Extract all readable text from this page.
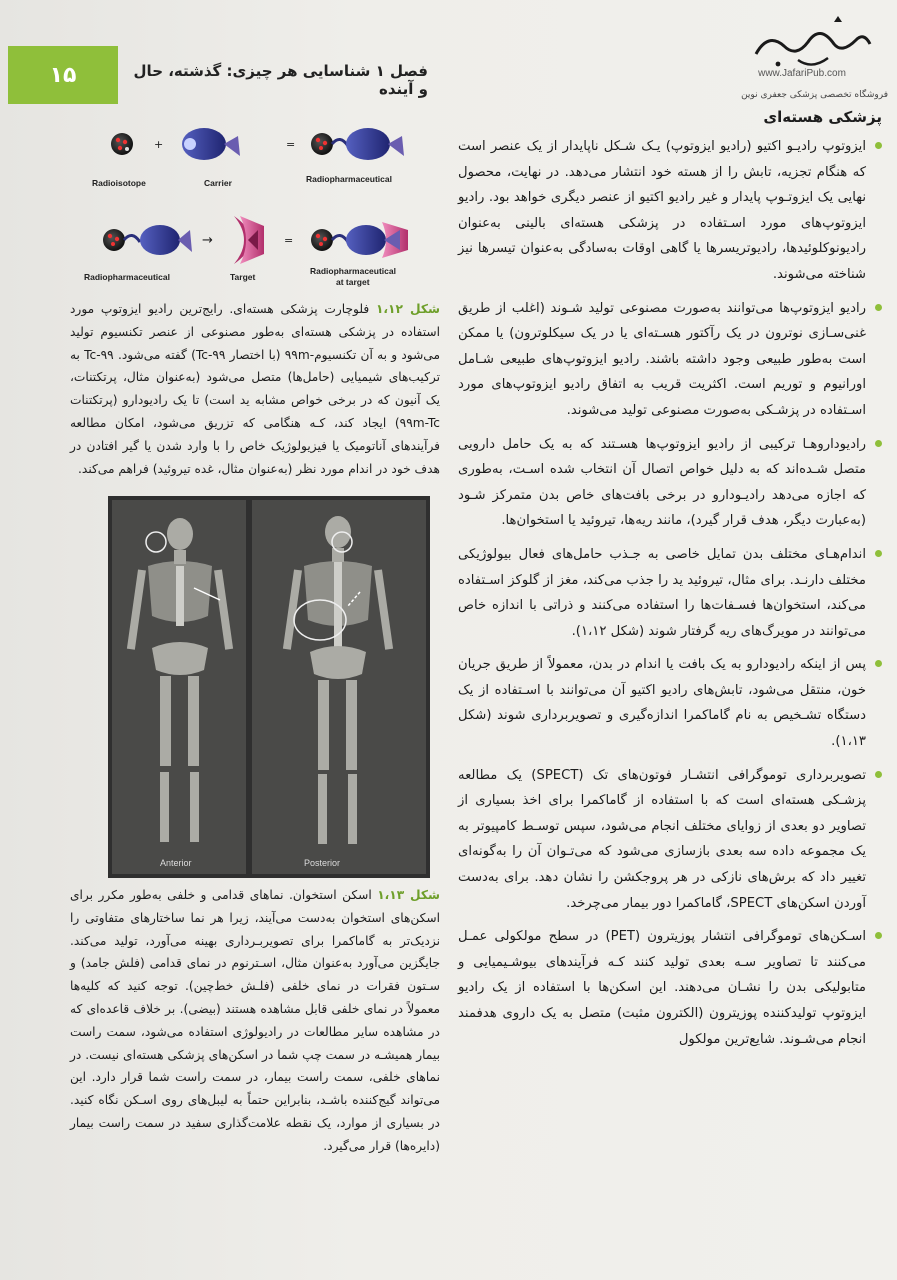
۱۵	فصل ۱ شناسایی هر چیزی: گذشته، حال و آینده
www.JafariPub.com
فروشگاه تخصصی پزشکی جعفری نوین
پزشکی هسته‌ای
ایزوتوپ رادیـو اکتیو (رادیو ایزوتوپ) یـک شـکل ناپایدار از یک عنصر است که هنگام تجزیه، تابش را از هسته خود انتشار می‌دهد. در نهایت، محصول نهایی یک ایزوتـوپ پایدار و غیر رادیو اکتیو از عنصر دیگری خواهد بود. رادیو ایزوتوپ‌های مورد اسـتفاده در پزشکی هسته‌ای بالینی به‌عنوان رادیونوکلوئیدها، رادیوتریسرها یا گاهی اوقات به‌سادگی به‌عنوان تیسرها نیز شناخته می‌شوند.
رادیو ایزوتوپ‌ها می‌توانند به‌صورت مصنوعی تولید شـوند (اغلب از طریق غنی‌سـازی نوترون در یک رآکتور هسـته‌ای یا در یک سیکلوترون) یا ممکن است به‌طور طبیعی وجود داشته باشند. رادیو ایزوتوپ‌های طبیعی شـامل اورانیوم و توریم است. اکثریت قریب به اتفاق رادیو ایزوتوپ‌های مورد اسـتفاده در پزشـکی به‌صورت مصنوعی تولید می‌شوند.
رادیوداروهـا ترکیبی از رادیو ایزوتوپ‌ها هسـتند که به یک حامل دارویی متصل شـده‌اند که به دلیل خواص اتصال آن انتخاب شده اسـت، به‌طوری که اجازه می‌دهد رادیـودارو در برخی بافت‌های خاص بدن متمرکز شـود (به‌عبارت دیگر، هدف قرار گیرد)، مانند ریه‌ها، تیروئید یا استخوان‌ها.
اندام‌هـای مختلف بدن تمایل خاصی به جـذب حامل‌های فعال بیولوژیکی مختلف دارنـد. برای مثال، تیروئید ید را جذب می‌کند، مغز از گلوکز اسـتفاده می‌کند، استخوان‌ها فسـفات‌ها را استفاده می‌کنند و ذراتی با اندازه خاص می‌توانند در مویرگ‌های ریه گرفتار شوند (شکل ۱،۱۲).
پس از اینکه رادیودارو به یک بافت یا اندام در بدن، معمولاً از طریق جریان خون، منتقل می‌شود، تابش‌های رادیو اکتیو آن می‌توانند با اسـتفاده از یک دستگاه تشـخیص به نام گاماکمرا اندازه‌گیری و تصویربرداری شوند (شکل ۱،۱۳).
تصویربرداری توموگرافی انتشـار فوتون‌های تک (SPECT) یک مطالعه پزشـکی هسته‌ای است که با استفاده از گاماکمرا برای اخذ بسیاری از تصاویر دو بعدی از زوایای مختلف انجام می‌شود، سپس توسـط کامپیوتر به یک مجموعه داده سه بعدی بازسازی می‌شود که می‌تـوان آن را به‌گونه‌ای تغییر داد که برش‌های نازکی در هر پروجکشن را نشان دهد. برای به‌دست آوردن اسکن‌های SPECT، گاماکمرا دور بیمار می‌چرخد.
اسـکن‌های توموگرافی انتشار پوزیترون (PET) در سطح مولکولی عمـل می‌کنند تا تصاویر سـه بعدی تولید کنند کـه فرآیندهای بیوشـیمیایی و متابولیکی بدن را نشـان می‌دهند. این اسکن‌ها با استفاده از یک رادیو ایزوتوپ تولیدکننده پوزیترون (الکترون مثبت) متصل به یک داروی هدفمند انجام می‌شـوند. شایع‌ترین مولکول
+	=
Radioisotope	Carrier	Radiopharmaceutical
→	=
Radiopharmaceutical	Target
Radiopharmaceutical
at target
شکل ۱،۱۲ فلوچارت پزشکی هسته‌ای. رایج‌ترین رادیو ایزوتوپ مورد استفاده در پزشکی هسته‌ای به‌طور مصنوعی از عنصر تکنسیوم تولید می‌شود و به آن تکنسیوم-۹۹m (با اختصار ۹۹-Tc) گفته می‌شود. ۹۹-Tc به ترکیب‌های شیمیایی (حامل‌ها) متصل می‌شود (به‌عنوان مثال، پرتکتنات، یک آنیون که در برخی خواص مشابه ید است) تا یک رادیودارو (پرتکتنات ۹۹m-Tc) ایجاد کند، کـه هنگامی که تزریق می‌شود، امکان مطالعه فرآیندهای آناتومیک یا فیزیولوژیک خاص را با وارد شدن یا گیر افتادن در هدف خود در اندام مورد نظر (به‌عنوان مثال، غده تیروئید) فراهم می‌کند.
Anterior	Posterior
شکل ۱،۱۳ اسکن استخوان. نماهای قدامی و خلفی به‌طور مکرر برای اسکن‌های استخوان به‌دست می‌آیند، زیرا هر نما ساختارهای متفاوتی را نزدیک‌تر به گاماکمرا برای تصویربـرداری بهینه می‌آورد، تولید می‌کند. جایگزین می‌آورد به‌عنوان مثال، اسـترنوم در نمای قدامی (فلش جامد) و سـتون فقرات در نمای خلفی (فلـش خط‌چین). توجه کنید که کلیه‌ها معمولاً در نمای خلفی قابل مشاهده هستند (بیضی). بر خلاف قاعده‌ای که در مشاهده سایر مطالعات در رادیولوژی استفاده می‌شود، سمت راست بیمار همیشـه در سمت چپ شما در اسکن‌های پزشکی هسته‌ای نیست. در نماهای خلفی، سمت راست بیمار، در سمت راست شما قرار دارد. این می‌تواند گیج‌کننده باشـد، بنابراین حتماً به لیبل‌های روی اسـکن نگاه کنید. در بسیاری از موارد، یک نقطه علامت‌گذاری سفید در سمت راست بیمار (دایره‌ها) قرار می‌گیرد.
